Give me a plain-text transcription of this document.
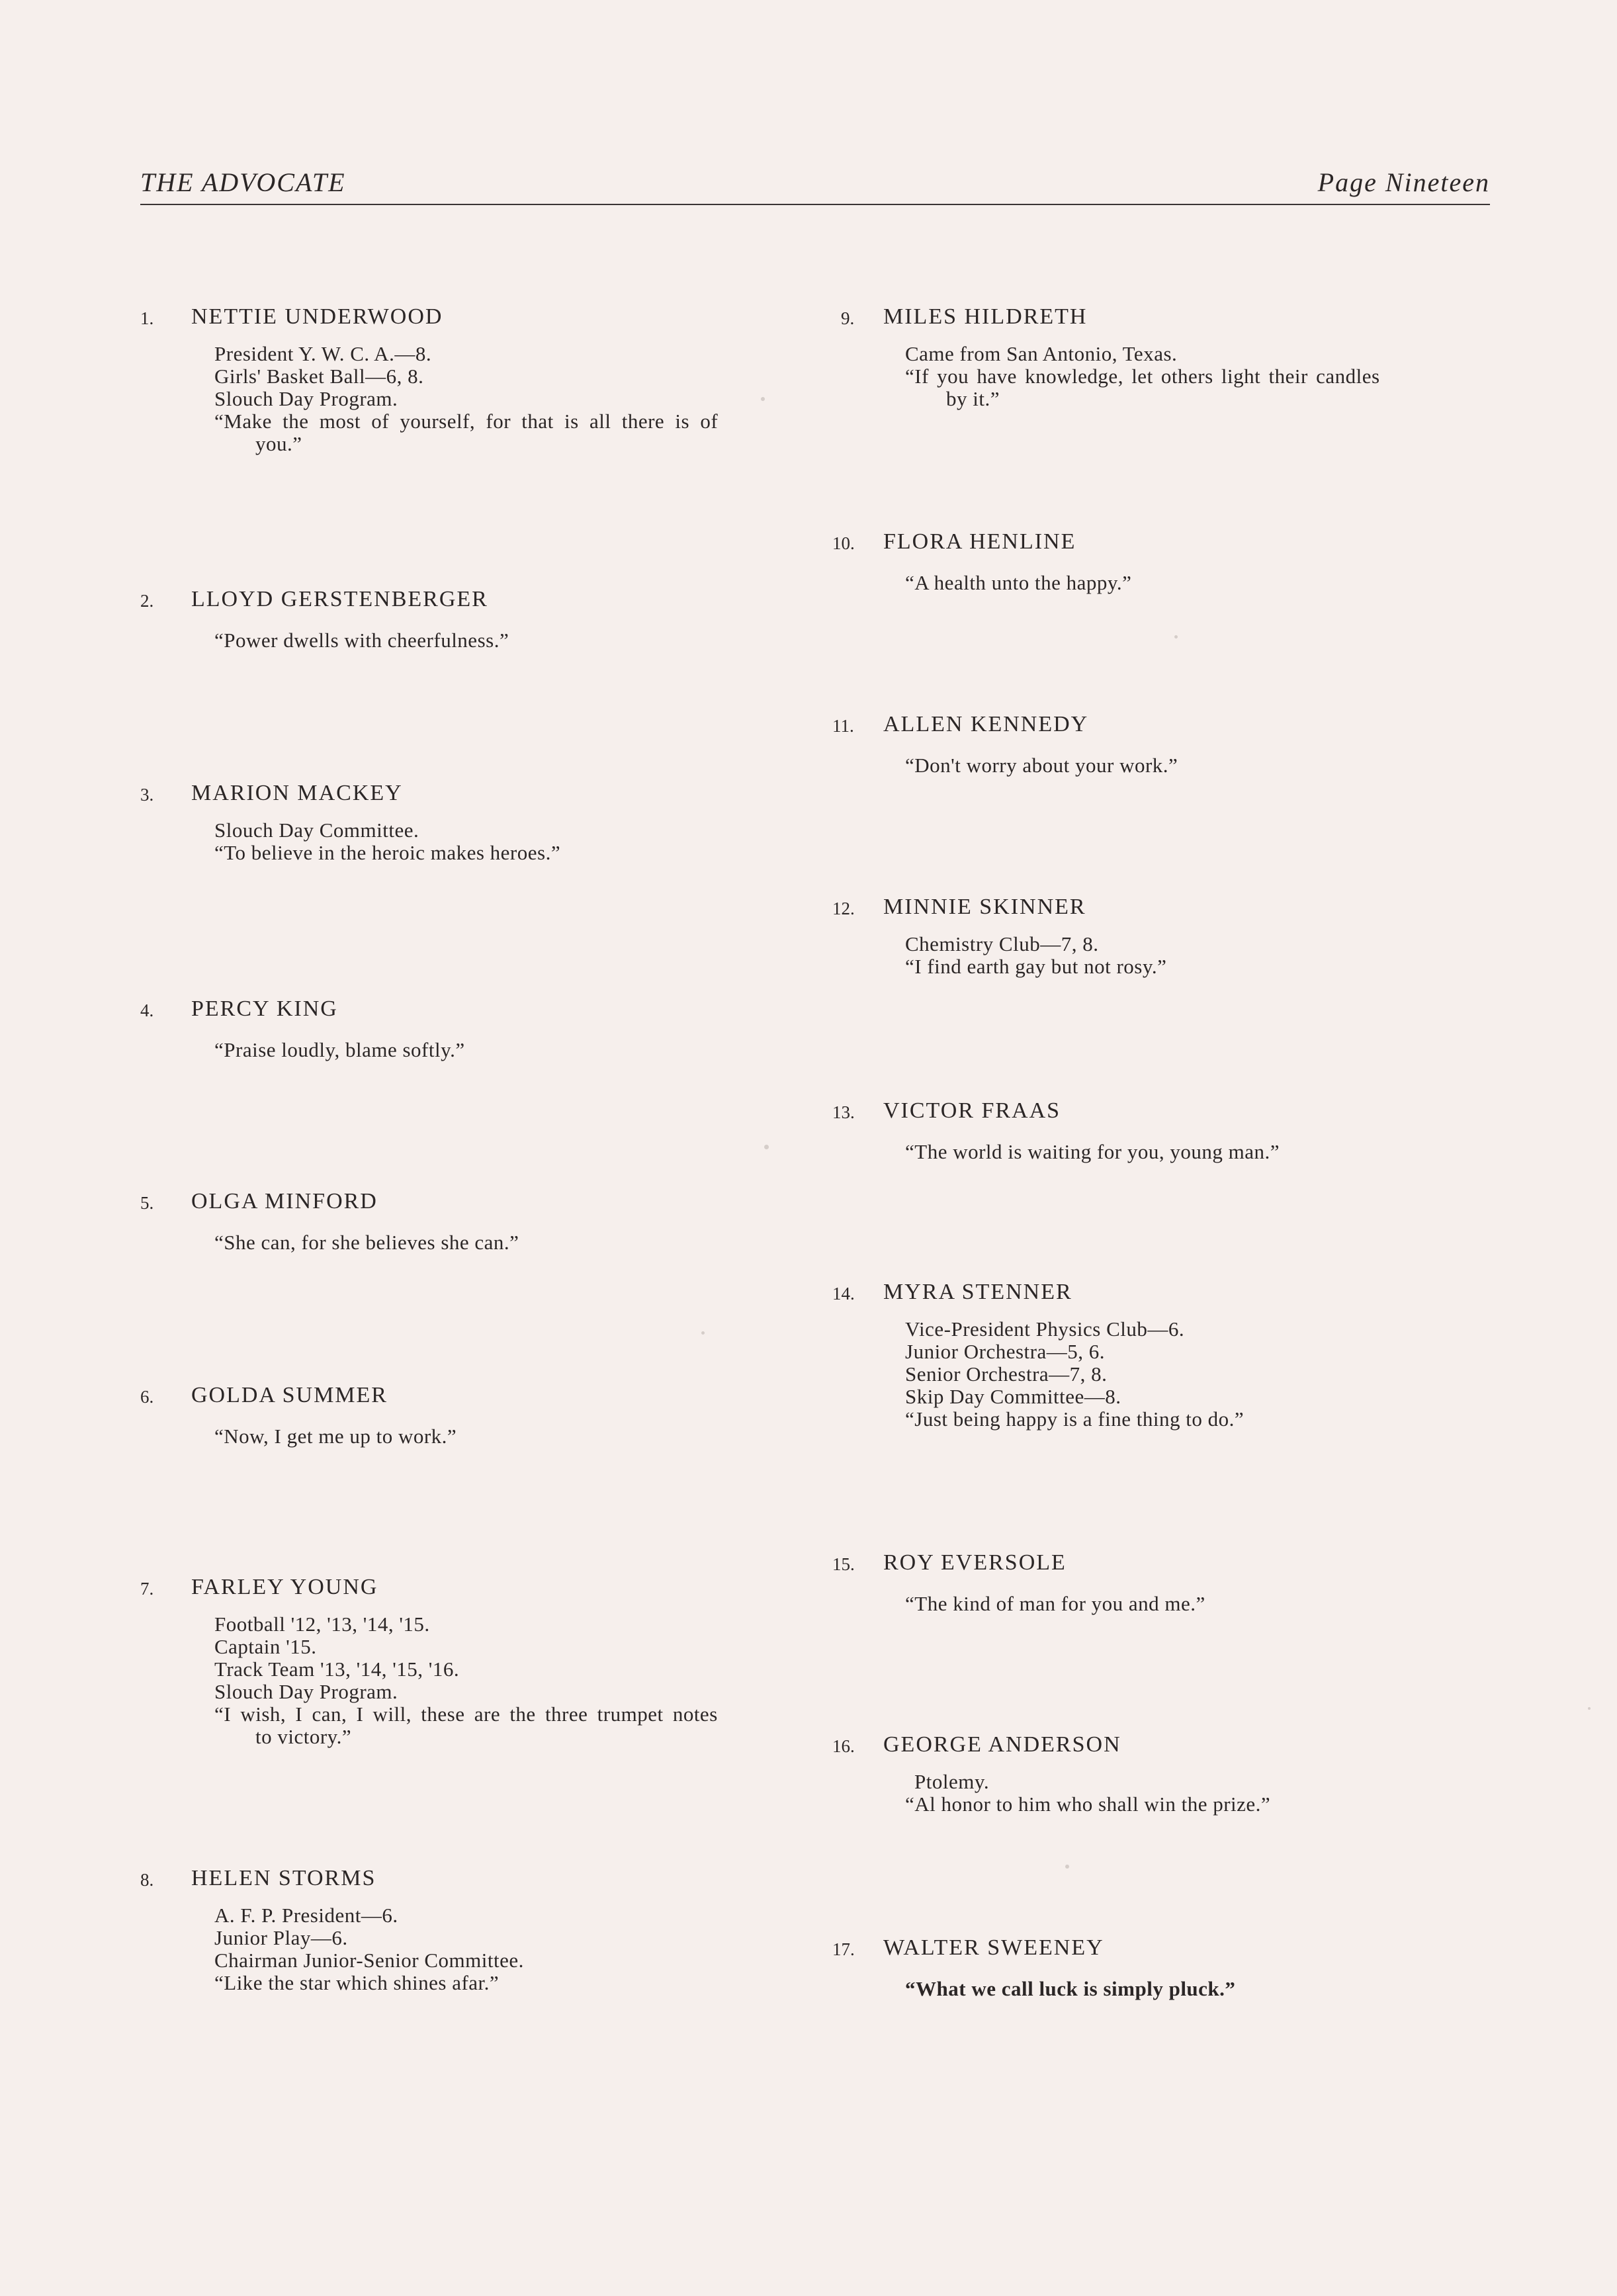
THE ADVOCATE	Page Nineteen
1.	NETTIE UNDERWOOD
President Y. W. C. A.—8.
Girls' Basket Ball—6, 8.
Slouch Day Program.
“Make the most of yourself, for that is all there is of
you.”
2.	LLOYD GERSTENBERGER
“Power dwells with cheerfulness.”
3.	MARION MACKEY
Slouch Day Committee.
“To believe in the heroic makes heroes.”
4.	PERCY KING
“Praise loudly, blame softly.”
5.	OLGA MINFORD
“She can, for she believes she can.”
6.	GOLDA SUMMER
“Now, I get me up to work.”
7.	FARLEY YOUNG
Football '12, '13, '14, '15.
Captain '15.
Track Team '13, '14, '15, '16.
Slouch Day Program.
“I wish, I can, I will, these are the three trumpet notes
to victory.”
8.	HELEN STORMS
A. F. P. President—6.
Junior Play—6.
Chairman Junior-Senior Committee.
“Like the star which shines afar.”
9.	MILES HILDRETH
Came from San Antonio, Texas.
“If you have knowledge, let others light their candles
by it.”
10.	FLORA HENLINE
“A health unto the happy.”
11.	ALLEN KENNEDY
“Don't worry about your work.”
12.	MINNIE SKINNER
Chemistry Club—7, 8.
“I find earth gay but not rosy.”
13.	VICTOR FRAAS
“The world is waiting for you, young man.”
14.	MYRA STENNER
Vice-President Physics Club—6.
Junior Orchestra—5, 6.
Senior Orchestra—7, 8.
Skip Day Committee—8.
“Just being happy is a fine thing to do.”
15.	ROY EVERSOLE
“The kind of man for you and me.”
16.	GEORGE ANDERSON
Ptolemy.
“Al honor to him who shall win the prize.”
17.	WALTER SWEENEY
“What we call luck is simply pluck.”
